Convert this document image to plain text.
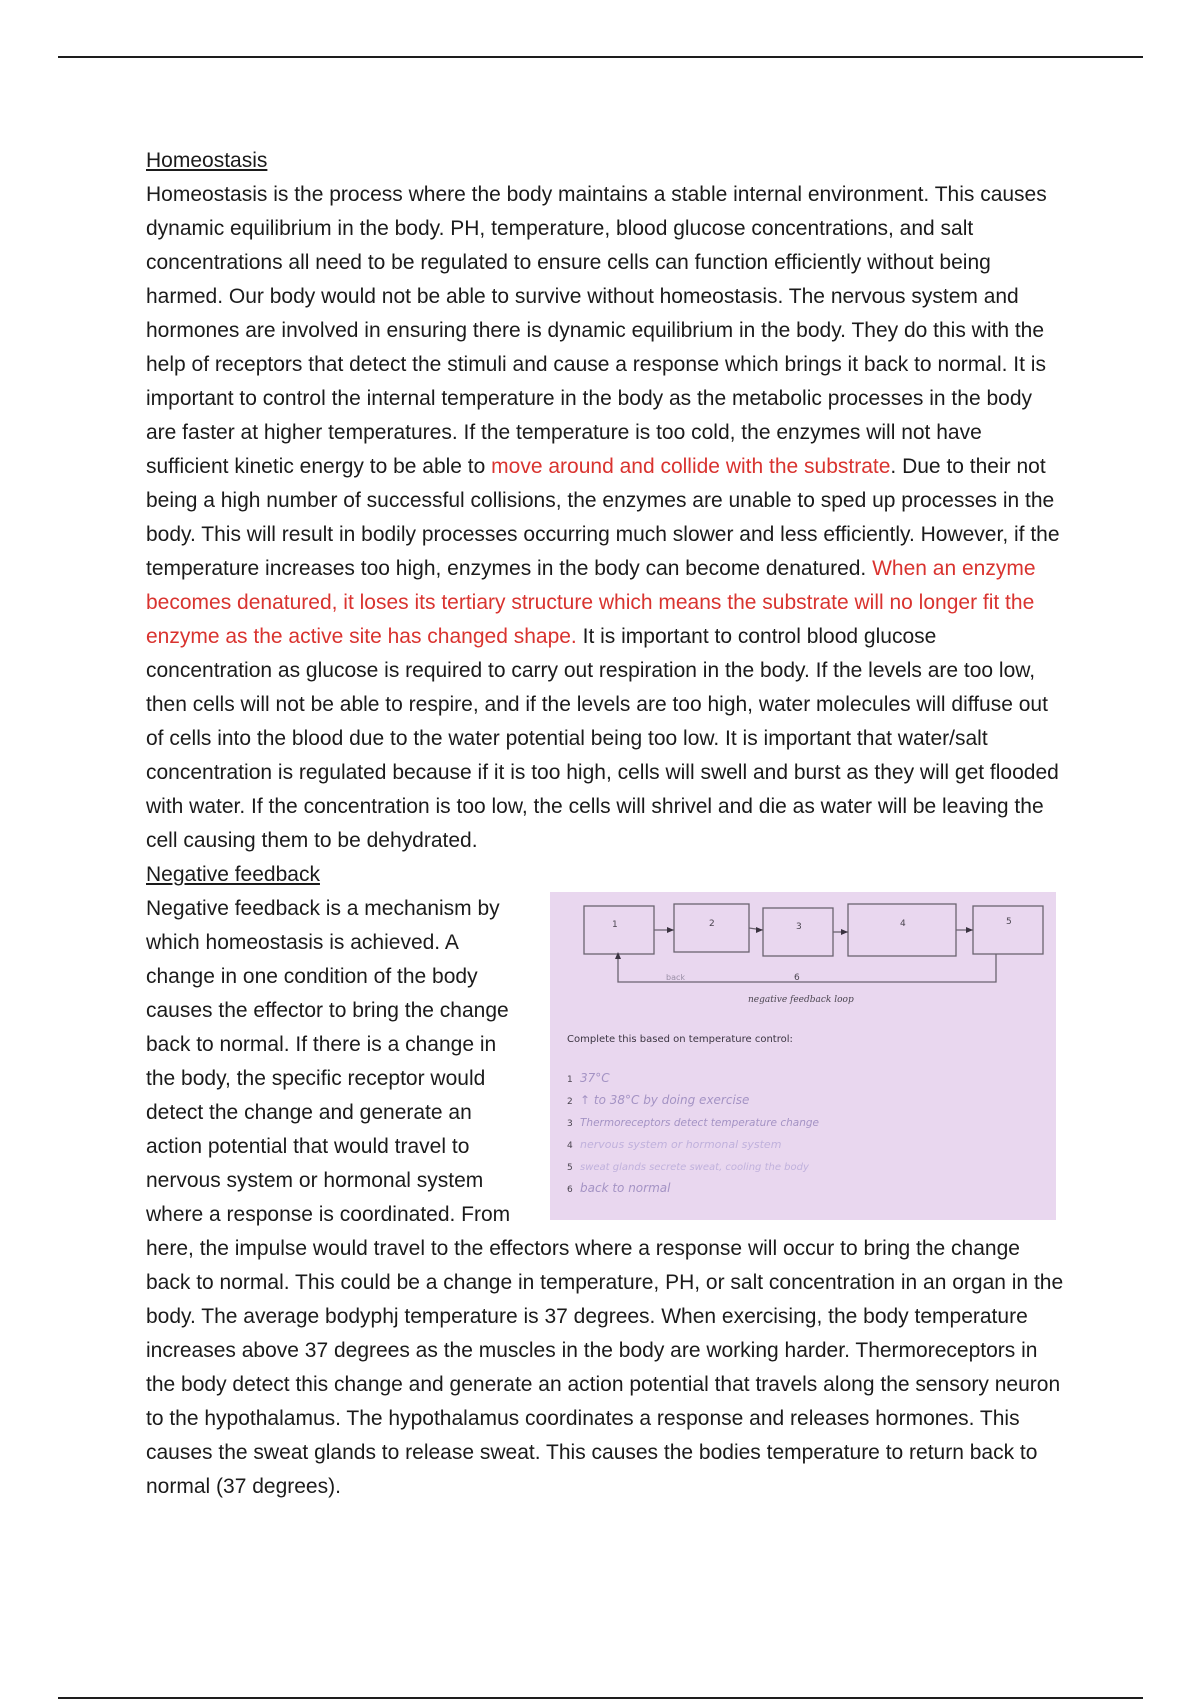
Homeostasis

Homeostasis is the process where the body maintains a stable internal environment. This causes dynamic equilibrium in the body. PH, temperature, blood glucose concentrations, and salt concentrations all need to be regulated to ensure cells can function efficiently without being harmed. Our body would not be able to survive without homeostasis. The nervous system and hormones are involved in ensuring there is dynamic equilibrium in the body. They do this with the help of receptors that detect the stimuli and cause a response which brings it back to normal. It is important to control the internal temperature in the body as the metabolic processes in the body are faster at higher temperatures. If the temperature is too cold, the enzymes will not have sufficient kinetic energy to be able to move around and collide with the substrate. Due to their not being a high number of successful collisions, the enzymes are unable to sped up processes in the body. This will result in bodily processes occurring much slower and less efficiently. However, if the temperature increases too high, enzymes in the body can become denatured. When an enzyme becomes denatured, it loses its tertiary structure which means the substrate will no longer fit the enzyme as the active site has changed shape. It is important to control blood glucose concentration as glucose is required to carry out respiration in the body. If the levels are too low, then cells will not be able to respire, and if the levels are too high, water molecules will diffuse out of cells into the blood due to the water potential being too low. It is important that water/salt concentration is regulated because if it is too high, cells will swell and burst as they will get flooded with water. If the concentration is too low, the cells will shrivel and die as water will be leaving the cell causing them to be dehydrated.

Negative feedback

Negative feedback is a mechanism by which homeostasis is achieved. A change in one condition of the body causes the effector to bring the change back to normal. If there is a change in the body, the specific receptor would detect the change and generate an action potential that would travel to nervous system or hormonal system where a response is coordinated. From

1	2	3	4	5
6
back
negative feedback loop
Complete this based on temperature control:
1
2
3
4
5
6
37°C
↑ to 38°C by doing exercise
Thermoreceptors detect temperature change
nervous system or hormonal system
sweat glands secrete sweat, cooling the body
back to normal

here, the impulse would travel to the effectors where a response will occur to bring the change back to normal. This could be a change in temperature, PH, or salt concentration in an organ in the body. The average bodyphj temperature is 37 degrees. When exercising, the body temperature increases above 37 degrees as the muscles in the body are working harder. Thermoreceptors in the body detect this change and generate an action potential that travels along the sensory neuron to the hypothalamus. The hypothalamus coordinates a response and releases hormones. This causes the sweat glands to release sweat. This causes the bodies temperature to return back to normal (37 degrees).
